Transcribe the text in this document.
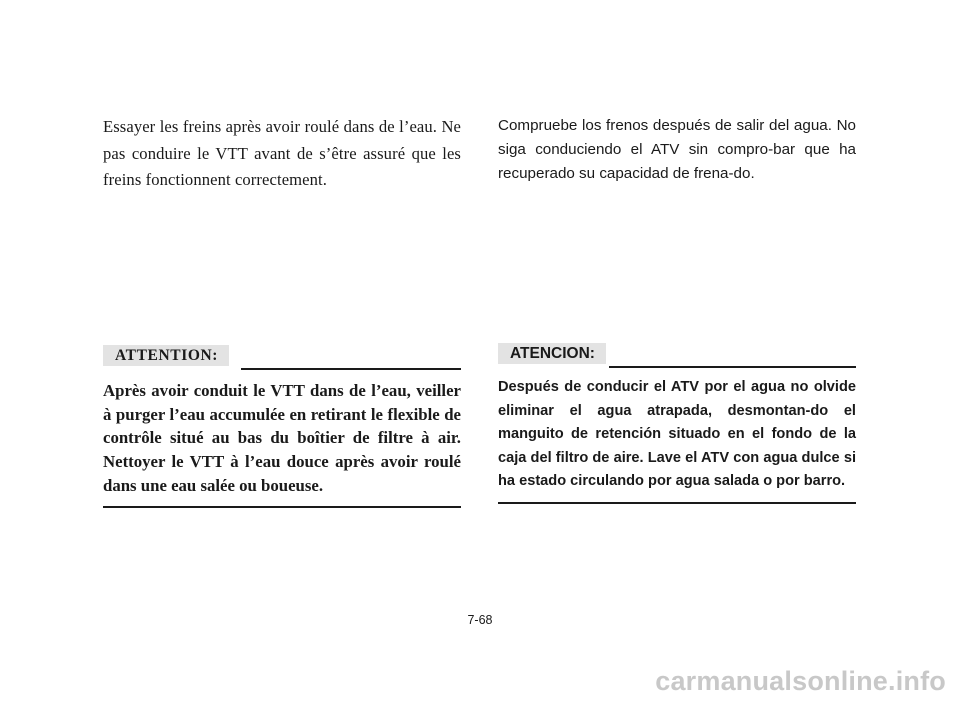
Essayer les freins après avoir roulé dans de l’eau. Ne pas conduire le VTT avant de s’être assuré que les freins fonctionnent correctement.

Compruebe los frenos después de salir del agua. No siga conduciendo el ATV sin compro-bar que ha recuperado su capacidad de frena-do.

ATTENTION:

Après avoir conduit le VTT dans de l’eau, veiller à purger l’eau accumulée en retirant le flexible de contrôle situé au bas du boîtier de filtre à air. Nettoyer le VTT à l’eau douce après avoir roulé dans une eau salée ou boueuse.

ATENCION:

Después de conducir el ATV por el agua no olvide eliminar el agua atrapada, desmontan-do el manguito de retención situado en el fondo de la caja del filtro de aire. Lave el ATV con agua dulce si ha estado circulando por agua salada o por barro.

7-68
carmanualsonline.info
